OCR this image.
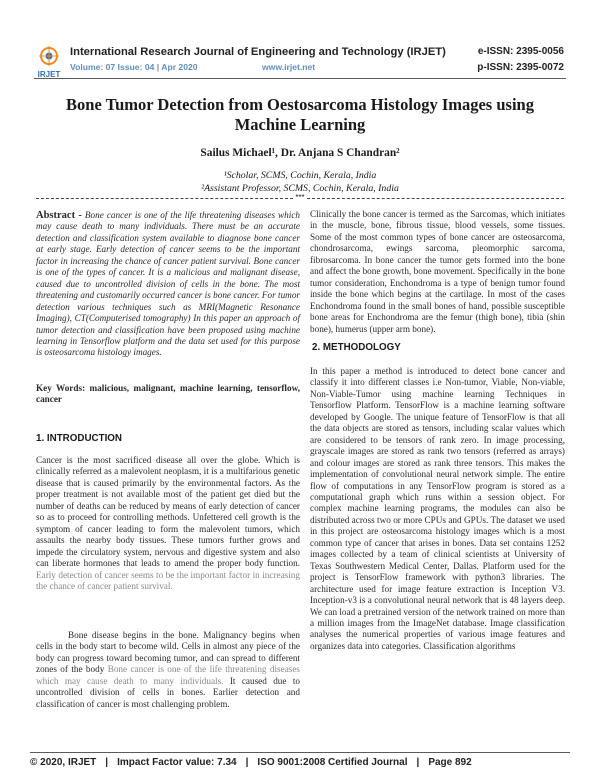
IRJET
International Research Journal of Engineering and Technology (IRJET)	e-ISSN: 2395-0056
Volume: 07 Issue: 04 | Apr 2020	www.irjet.net	p-ISSN: 2395-0072
Bone Tumor Detection from Oestosarcoma Histology Images using Machine Learning
Sailus Michael¹, Dr. Anjana S Chandran²
¹Scholar, SCMS, Cochin, Kerala, India
²Assistant Professor, SCMS, Cochin, Kerala, India
***
Abstract - Bone cancer is one of the life threatening diseases which may cause death to many individuals. There must be an accurate detection and classification system available to diagnose bone cancer at early stage. Early detection of cancer seems to be the important factor in increasing the chance of cancer patient survival. Bone cancer is one of the types of cancer. It is a malicious and malignant disease, caused due to uncontrolled division of cells in the bone. The most threatening and customarily occurred cancer is bone cancer. For tumor detection various techniques such as MRI(Magnetic Resonance Imaging), CT(Computerised tomography) In this paper an approach of tumor detection and classification have been proposed using machine learning in Tensorflow platform and the data set used for this purpose is osteosarcoma histology images.
Key Words: malicious, malignant, machine learning, tensorflow, cancer
1. INTRODUCTION
Cancer is the most sacrificed disease all over the globe. Which is clinically referred as a malevolent neoplasm, it is a multifarious genetic disease that is caused primarily by the environmental factors. As the proper treatment is not available most of the patient get died but the number of deaths can be reduced by means of early detection of cancer so as to proceed for controlling methods. Unfettered cell growth is the symptom of cancer leading to form the malevolent tumors, which assaults the nearby body tissues. These tumors further grows and impede the circulatory system, nervous and digestive system and also can liberate hormones that leads to amend the proper body function. Early detection of cancer seems to be the important factor in increasing the chance of cancer patient survival.
Bone disease begins in the bone. Malignancy begins when cells in the body start to become wild. Cells in almost any piece of the body can progress toward becoming tumor, and can spread to different zones of the body Bone cancer is one of the life threatening diseases which may cause death to many individuals. It caused due to uncontrolled division of cells in bones. Earlier detection and classification of cancer is most challenging problem.
Clinically the bone cancer is termed as the Sarcomas, which initiates in the muscle, bone, fibrous tissue, blood vessels, some tissues. Some of the most common types of bone cancer are osteosarcoma, chondrosarcoma, ewings sarcoma, pleomorphic sarcoma, fibrosarcoma. In bone cancer the tumor gets formed into the bone and affect the bone growth, bone movement. Specifically in the bone tumor consideration, Enchondroma is a type of benign tumor found inside the bone which begins at the cartilage. In most of the cases Enchondroma found in the small bones of hand, possible susceptible bone areas for Enchondroma are the femur (thigh bone), tibia (shin bone), humerus (upper arm bone).
2. METHODOLOGY
In this paper a method is introduced to detect bone cancer and classify it into different classes i.e Non-tumor, Viable, Non-viable, Non-Viable-Tumor using machine learning Techniques in Tensorflow Platform. TensorFlow is a machine learning software developed by Google. The unique feature of TensorFlow is that all the data objects are stored as tensors, including scalar values which are considered to be tensors of rank zero. In image processing, grayscale images are stored as rank two tensors (referred as arrays) and colour images are stored as rank three tensors. This makes the implementation of convolutional neural network simple. The entire flow of computations in any TensorFlow program is stored as a computational graph which runs within a session object. For complex machine learning programs, the modules can also be distributed across two or more CPUs and GPUs. The dataset we used in this project are osteosarcoma histology images which is a most common type of cancer that arises in bones. Data set contains 1252 images collected by a team of clinical scientists at University of Texas Southwestern Medical Center, Dallas. Platform used for the project is TensorFlow framework with python3 libraries. The architecture used for image feature extraction is Inception V3. Inception-v3 is a convolutional neural network that is 48 layers deep. We can load a pretrained version of the network trained on more than a million images from the ImageNet database. Image classification analyses the numerical properties of various image features and organizes data into categories. Classification algorithms
© 2020, IRJET | Impact Factor value: 7.34 | ISO 9001:2008 Certified Journal | Page 892
